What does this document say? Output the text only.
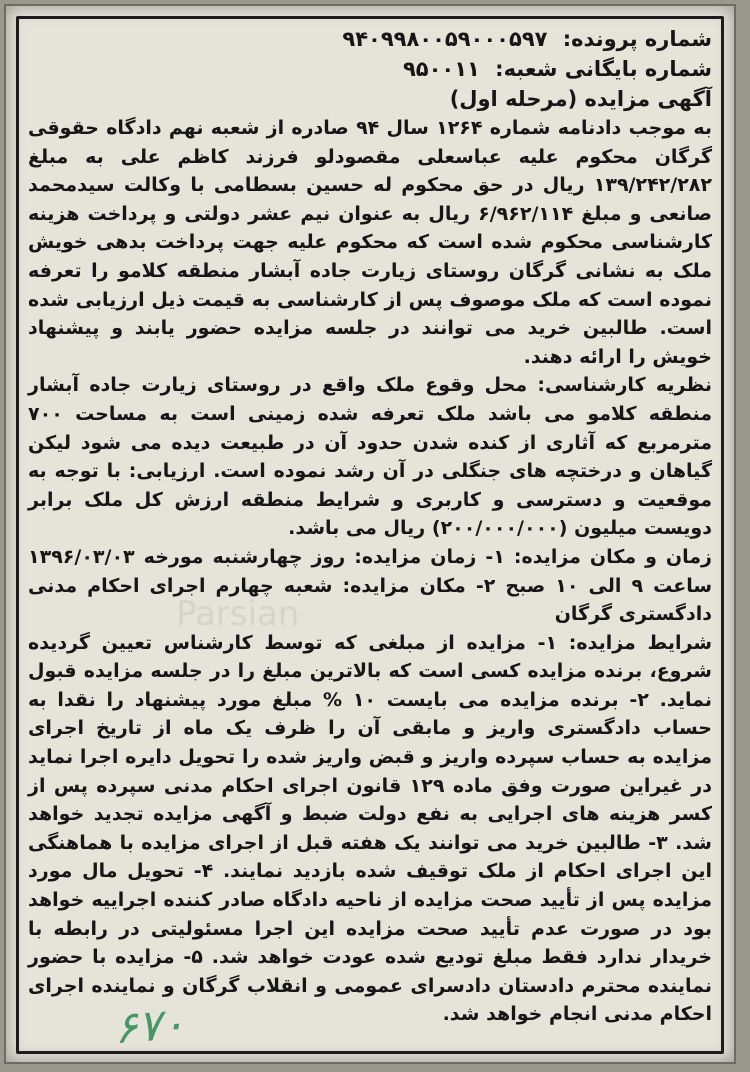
Parsian

شماره پرونده: ۹۴۰۹۹۸۰۰۵۹۰۰۰۵۹۷

شماره بایگانی شعبه: ۹۵۰۰۱۱

آگهی مزایده (مرحله اول)

به موجب دادنامه شماره ۱۲۶۴ سال ۹۴ صادره از شعبه نهم دادگاه حقوقی گرگان محکوم علیه عباسعلی مقصودلو فرزند کاظم علی به مبلغ ۱۳۹/۲۴۲/۲۸۲ ریال در حق محکوم له حسین بسطامی با وکالت سیدمحمد صانعی و مبلغ ۶/۹۶۲/۱۱۴ ریال به عنوان نیم عشر دولتی و پرداخت هزینه کارشناسی محکوم شده است که محکوم علیه جهت پرداخت بدهی خویش ملک به نشانی گرگان روستای زیارت جاده آبشار منطقه کلامو را تعرفه نموده است که ملک موصوف پس از کارشناسی به قیمت ذیل ارزیابی شده است. طالبین خرید می توانند در جلسه مزایده حضور یابند و پیشنهاد خویش را ارائه دهند.

نظریه کارشناسی: محل وقوع ملک واقع در روستای زیارت جاده آبشار منطقه کلامو می باشد ملک تعرفه شده زمینی است به مساحت ۷۰۰ مترمربع که آثاری از کنده شدن حدود آن در طبیعت دیده می شود لیکن گیاهان و درختچه های جنگلی در آن رشد نموده است. ارزیابی: با توجه به موقعیت و دسترسی و کاربری و شرایط منطقه ارزش کل ملک برابر دویست میلیون (۲۰۰/۰۰۰/۰۰۰) ریال می باشد.

زمان و مکان مزایده: ۱- زمان مزایده: روز چهارشنبه مورخه ۱۳۹۶/۰۳/۰۳ ساعت ۹ الی ۱۰ صبح ۲- مکان مزایده: شعبه چهارم اجرای احکام مدنی دادگستری گرگان

شرایط مزایده: ۱- مزایده از مبلغی که توسط کارشناس تعیین گردیده شروع، برنده مزایده کسی است که بالاترین مبلغ را در جلسه مزایده قبول نماید. ۲- برنده مزایده می بایست ۱۰ % مبلغ مورد پیشنهاد را نقدا به حساب دادگستری واریز و مابقی آن را ظرف یک ماه از تاریخ اجرای مزایده به حساب سپرده واریز و قبض واریز شده را تحویل دایره اجرا نماید در غیراین صورت وفق ماده ۱۲۹ قانون اجرای احکام مدنی سپرده پس از کسر هزینه های اجرایی به نفع دولت ضبط و آگهی مزایده تجدید خواهد شد. ۳- طالبین خرید می توانند یک هفته قبل از اجرای مزایده با هماهنگی این اجرای احکام از ملک توقیف شده بازدید نمایند. ۴- تحویل مال مورد مزایده پس از تأیید صحت مزایده از ناحیه دادگاه صادر کننده اجراییه خواهد بود در صورت عدم تأیید صحت مزایده این اجرا مسئولیتی در رابطه با خریدار ندارد فقط مبلغ تودیع شده عودت خواهد شد. ۵- مزایده با حضور نماینده محترم دادستان دادسرای عمومی و انقلاب گرگان و نماینده اجرای احکام مدنی انجام خواهد شد.

۶۷۰
